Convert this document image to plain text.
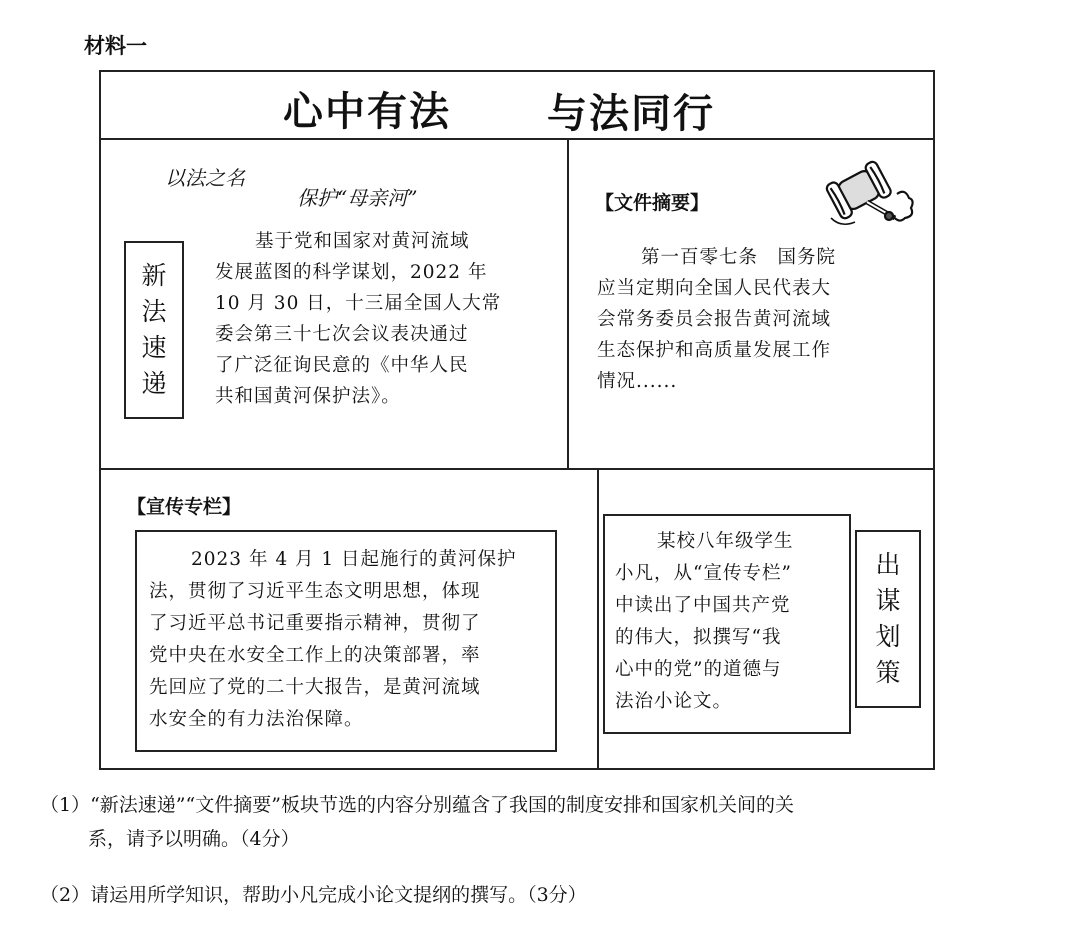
材料一
心中有法 与法同行
新
法
速
递
以法之名
保护“母亲河”
基于党和国家对黄河流域
发展蓝图的科学谋划，2022 年
10 月 30 日，十三届全国人大常
委会第三十七次会议表决通过
了广泛征询民意的《中华人民
共和国黄河保护法》。
【文件摘要】
第一百零七条　国务院
应当定期向全国人民代表大
会常务委员会报告黄河流域
生态保护和高质量发展工作
情况......
【宣传专栏】
2023 年 4 月 1 日起施行的黄河保护
法，贯彻了习近平生态文明思想，体现
了习近平总书记重要指示精神，贯彻了
党中央在水安全工作上的决策部署，率
先回应了党的二十大报告，是黄河流域
水安全的有力法治保障。
某校八年级学生
小凡，从“宣传专栏”
中读出了中国共产党
的伟大，拟撰写“我
心中的党”的道德与
法治小论文。
出
谋
划
策
（1）“新法速递”“文件摘要”板块节选的内容分别蕴含了我国的制度安排和国家机关间的关
系，请予以明确。（4分）
（2）请运用所学知识，帮助小凡完成小论文提纲的撰写。（3分）
